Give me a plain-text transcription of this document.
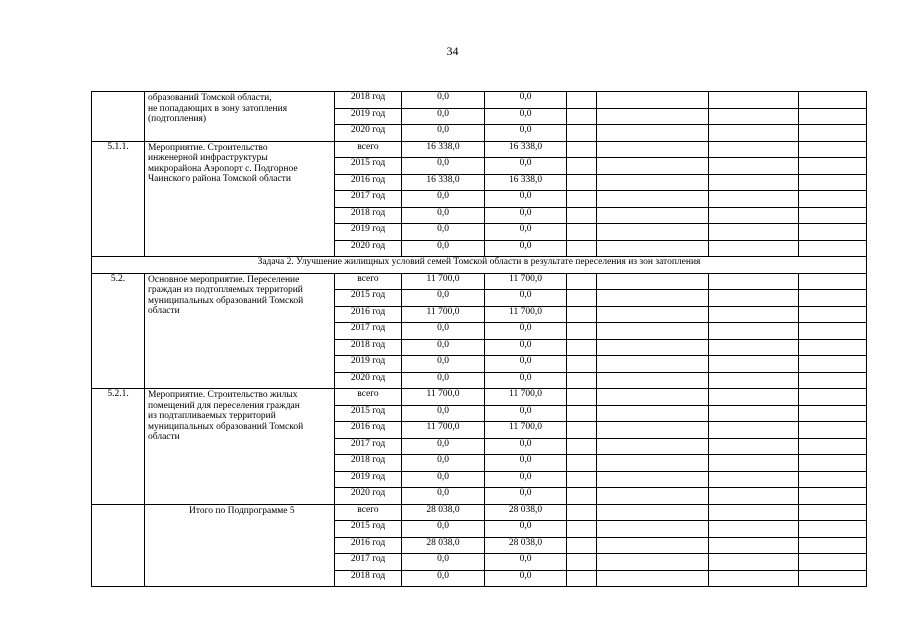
34
	образований Томской области,
не попадающих в зону затопления
(подтопления)	2018 год	0,0	0,0				
		2019 год	0,0	0,0				
		2020 год	0,0	0,0				
5.1.1.	Мероприятие. Строительство
инженерной инфраструктуры
микрорайона Аэропорт с. Подгорное
Чаинского района Томской области	всего	16 338,0	16 338,0				
		2015 год	0,0	0,0				
		2016 год	16 338,0	16 338,0				
		2017 год	0,0	0,0				
		2018 год	0,0	0,0				
		2019 год	0,0	0,0				
		2020 год	0,0	0,0				
Задача 2. Улучшение жилищных условий семей Томской области в результате переселения из зон затопления								
5.2.	Основное мероприятие. Переселение
граждан из подтопляемых территорий
муниципальных образований Томской
области	всего	11 700,0	11 700,0				
		2015 год	0,0	0,0				
		2016 год	11 700,0	11 700,0				
		2017 год	0,0	0,0				
		2018 год	0,0	0,0				
		2019 год	0,0	0,0				
		2020 год	0,0	0,0				
5.2.1.	Мероприятие. Строительство жилых
помещений для переселения граждан
из подтапливаемых территорий
муниципальных образований Томской
области	всего	11 700,0	11 700,0				
		2015 год	0,0	0,0				
		2016 год	11 700,0	11 700,0				
		2017 год	0,0	0,0				
		2018 год	0,0	0,0				
		2019 год	0,0	0,0				
		2020 год	0,0	0,0				
	Итого по Подпрограмме 5	всего	28 038,0	28 038,0				
		2015 год	0,0	0,0				
		2016 год	28 038,0	28 038,0				
		2017 год	0,0	0,0				
		2018 год	0,0	0,0				
